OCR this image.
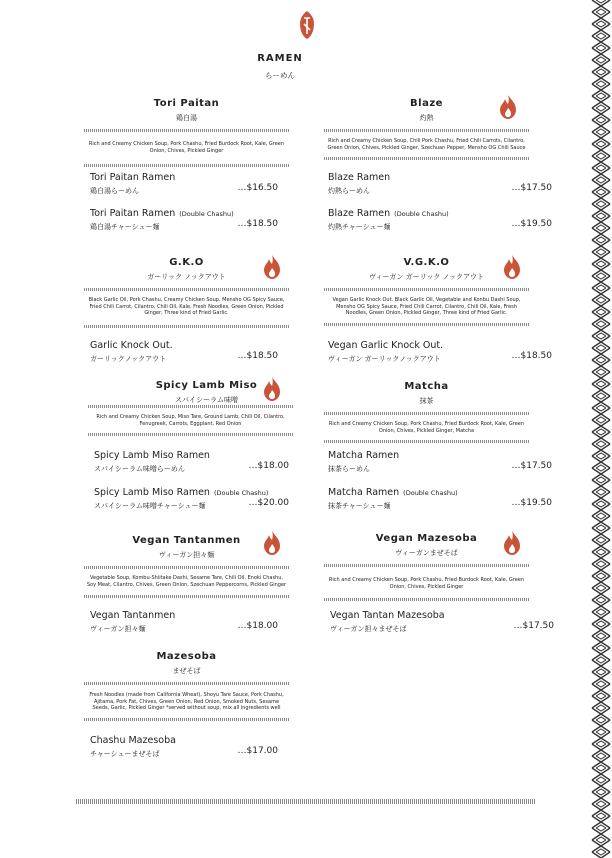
RAMEN
らーめん
Tori Paitan
鶏白湯
Rich and Creamy Chicken Soup, Pork Chashu, Fried Burdock Root, Kale, Green Onion, Chives, Pickled Ginger
Tori Paitan Ramen
鶏白湯らーめん	…$16.50
Tori Paitan Ramen (Double Chashu)
鶏白湯チャーシュー麺	…$18.50
Blaze
灼熱
Rich and Creamy Chicken Soup, Chili Pork Chashu, Fried Chili Carrots, Cilantro, Green Onion, Chives, Pickled Ginger, Szechuan Pepper, Mensho OG Chili Sauce
Blaze Ramen
灼熱らーめん	…$17.50
Blaze Ramen (Double Chashu)
灼熱チャーシュー麺	…$19.50
G.K.O
ガーリック ノックアウト
Black Garlic Oil, Pork Chashu, Creamy Chicken Soup, Mensho OG Spicy Sauce, Fried Chili Carrot, Cilantro, Chili Oil, Kale, Fresh Noodles, Green Onion, Pickled Ginger, Three kind of Fried Garlic.
Garlic Knock Out.
ガーリックノックアウト	…$18.50
V.G.K.O
ヴィーガン ガーリック ノックアウト
Vegan Garlic Knock Out. Black Garlic Oil, Vegetable and Konbu Dashi Soup, Mensho OG Spicy Sauce, Fried Chili Carrot, Cilantro, Chili Oil, Kale, Fresh Noodles, Green Onion, Pickled Ginger, Three kind of Fried Garlic.
Vegan Garlic Knock Out.
ヴィーガン ガーリックノックアウト	…$18.50
Spicy Lamb Miso
スパイシーラム味噌
Rich and Creamy Chicken Soup, Miso Tare, Ground Lamb, Chili Oil, Cilantro, Fenugreek, Carrots, Eggplant, Red Onion
Spicy Lamb Miso Ramen
スパイシーラム味噌らーめん	…$18.00
Spicy Lamb Miso Ramen (Double Chashu)
スパイシーラム味噌チャーシュー麺	…$20.00
Matcha
抹茶
Rich and Creamy Chicken Soup, Pork Chashu, Fried Burdock Root, Kale, Green Onion, Chives, Pickled Ginger, Matcha
Matcha Ramen
抹茶らーめん	…$17.50
Matcha Ramen (Double Chashu)
抹茶チャーシュー麺	…$19.50
Vegan Tantanmen
ヴィーガン担々麺
Vegetable Soup, Kombu-Shiitake Dashi, Sesame Tare, Chili Oil, Enoki Chashu, Soy Meat, Cilantro, Chives, Green Onion, Szechuan Peppercorns, Pickled Ginger
Vegan Tantanmen
ヴィーガン担々麺	…$18.00
Vegan Mazesoba
ヴィーガンまぜそば
Rich and Creamy Chicken Soup, Pork Chashu, Fried Burdock Root, Kale, Green Onion, Chives, Pickled Ginger
Vegan Tantan Mazesoba
ヴィーガン担々まぜそば	…$17.50
Mazesoba
まぜそば
Fresh Noodles (made from California Wheat), Shoyu Tare Sauce, Pork Chashu, Ajitama, Pork Fat, Chives, Green Onion, Red Onion, Smoked Nuts, Sesame Seeds, Garlic, Pickled Ginger *served without soup, mix all ingredients well
Chashu Mazesoba
チャーシューまぜそば	…$17.00
